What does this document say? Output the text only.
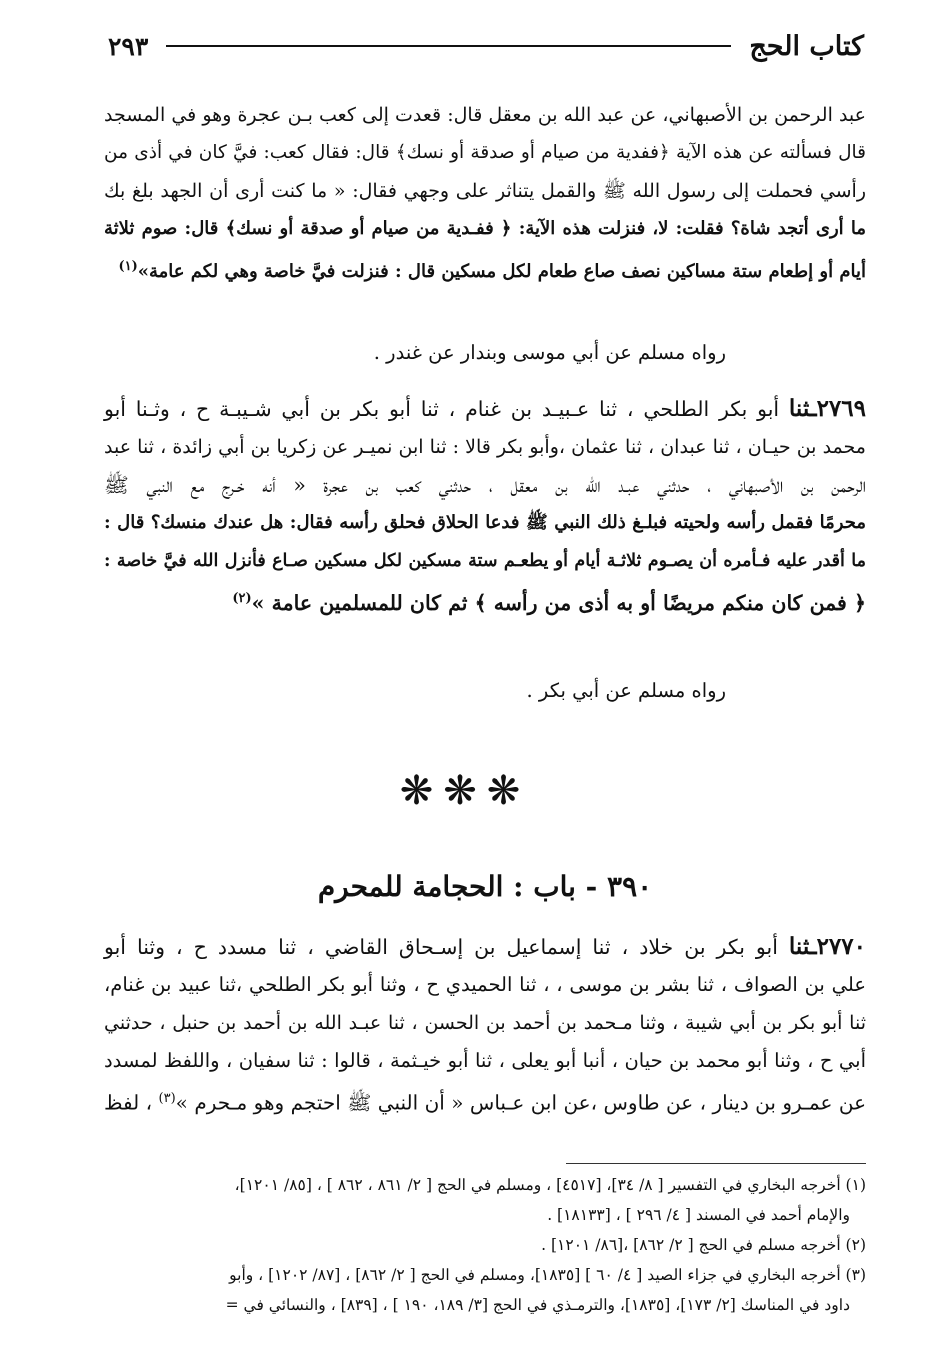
كتاب الحج
٢٩٣
عبد الرحمن بن الأصبهاني، عن عبد الله بن معقل قال: قعدت إلى كعب بـن عجرة وهو في المسجد
قال فسألته عن هذه الآية ﴿ففدية من صيام أو صدقة أو نسك﴾ قال: فقال كعب: فيَّ كان في أذى من
رأسي فحملت إلى رسول الله ﷺ والقمل يتناثر على وجهي فقال: « ما كنت أرى أن الجهد بلغ بك
ما أرى أتجد شاة؟ فقلت: لا، فنزلت هذه الآية: ﴿ ففـدية من صيام أو صدقة أو نسك﴾ قال: صوم ثلاثة
أيام أو إطعام ستة مساكين نصف صاع طعام لكل مسكين قال : فنزلت فيَّ خاصة وهي لكم عامة»$^{(١)}$
رواه مسلم عن أبي موسى وبندار عن غندر .
٢٧٦٩ـثنا أبو بكر الطلحي ، ثنا عـبيـد بن غنام ، ثنا أبو بكر بن أبي شـيبـة ح ، وثـنا أبو
محمد بن حيـان ، ثنا عبدان ، ثنا عثمان ،وأبو بكر قالا : ثنا ابن نميـر عن زكريا بن أبي زائدة ، ثنا عبد
الرحمن بن الأصبهاني ، حدثني عبـد الله بن معقل ، حدثني كعب بن عجرة « أنه خـرج مع النبي ﷺ
محرمًا فقمل رأسه ولحيته فبلـغ ذلك النبي ﷺ فدعا الحلاق فحلق رأسه فقال: هل عندك منسك؟ قال :
ما أقدر عليه فـأمره أن يصـوم ثلاثـة أيام أو يطعـم ستة مسكين لكل مسكين صـاع فأنزل الله فيَّ خاصة :
﴿ فمن كان منكم مريضًا أو به أذى من رأسه ﴾ ثم كان للمسلمين عامة »$^{(٢)}$
رواه مسلم عن أبي بكر .
❋❋❋
٣٩٠ - باب : الحجامة للمحرم
٢٧٧٠ـثنا أبو بكر بن خلاد ، ثنا إسماعيل بن إسـحاق القاضي ، ثنا مسدد ح ، وثنا أبو
علي بن الصواف ، ثنا بشر بن موسى ، ، ثنا الحميدي ح ، وثنا أبو بكر الطلحي ،ثنا عبيد بن غنام،
ثنا أبو بكر بن أبي شيبة ، وثنا مـحمد بن أحمد بن الحسن ، ثنا عبـد الله بن أحمد بن حنبل ، حدثني
أبي ح ، وثنا أبو محمد بن حيان ، أنبا أبو يعلى ، ثنا أبو خيـثمة ، قالوا : ثنا سفيان ، واللفظ لمسدد
عن عمـرو بن دينار ، عن طاوس ،عن ابن عـباس « أن النبي ﷺ احتجم وهو مـحرم »$^{(٣)}$ ، لفظ
(١) أخرجه البخاري في التفسير [ ٨/ ٣٤]، [٤٥١٧] ، ومسلم في الحج [ ٢/ ٨٦١ ، ٨٦٢ ] ، [٨٥/ ١٢٠١]،
والإمام أحمد في المسند [ ٤/ ٢٩٦ ] ، [١٨١٣٣] .
(٢) أخرجه مسلم في الحج [ ٢/ ٨٦٢] ،[٨٦/ ١٢٠١] .
(٣) أخرجه البخاري في جزاء الصيد [ ٤/ ٦٠ ] [١٨٣٥]، ومسلم في الحج [ ٢/ ٨٦٢] ، [٨٧/ ١٢٠٢] ، وأبو
داود في المناسك [٢/ ١٧٣]، [١٨٣٥]، والترمـذي في الحج [٣/ ١٨٩، ١٩٠ ] ، [٨٣٩] ، والنسائي في =
